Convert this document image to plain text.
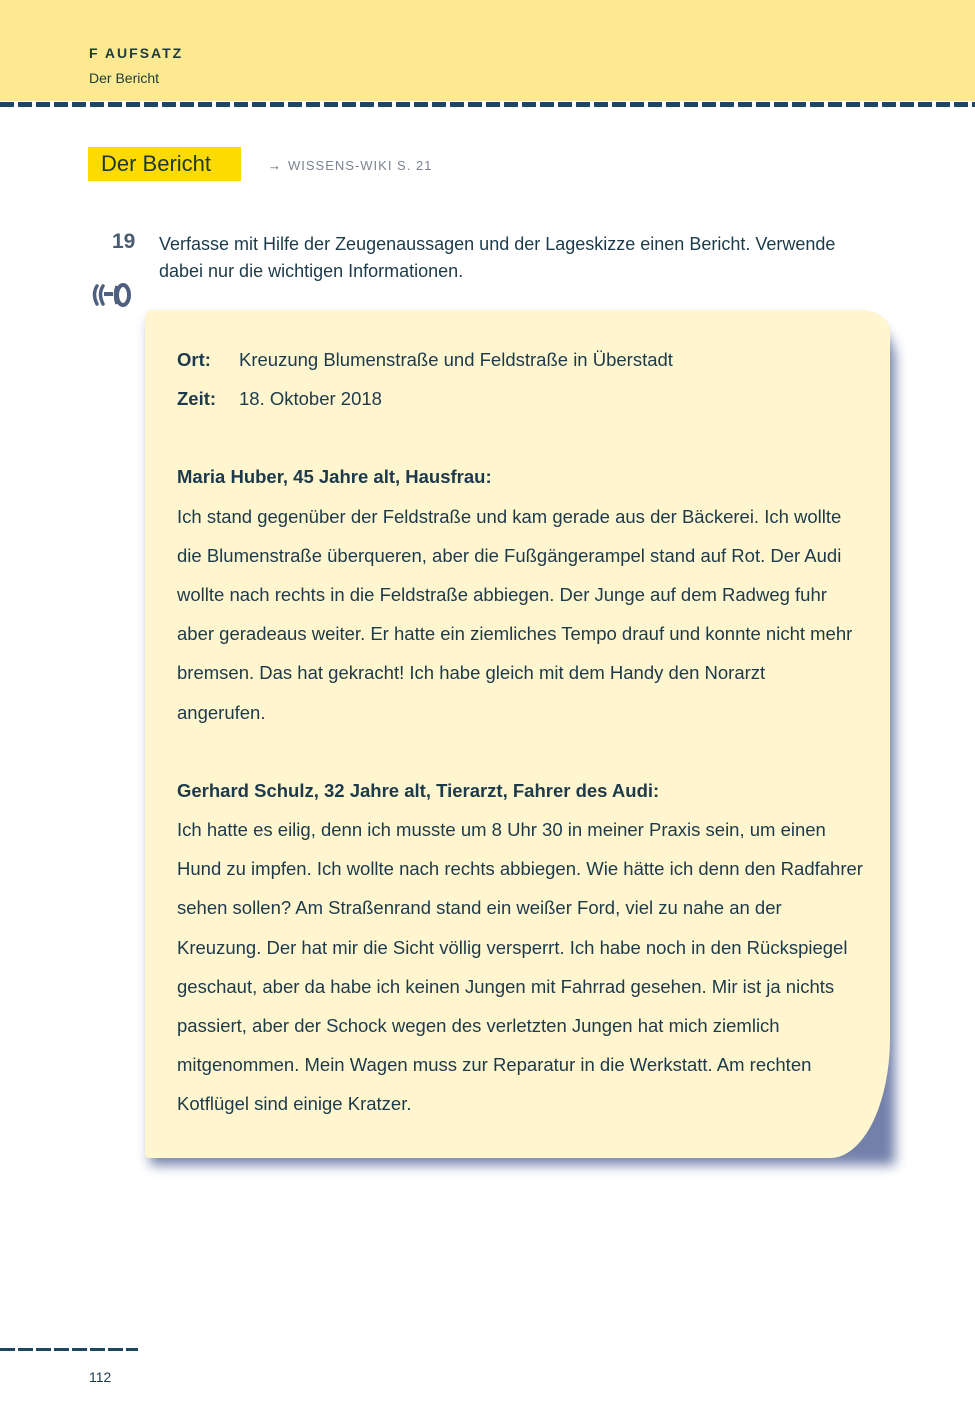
F AUFSATZ
Der Bericht
Der Bericht	→ WISSENS-WIKI S. 21
19 Verfasse mit Hilfe der Zeugenaussagen und der Lageskizze einen Bericht. Verwende dabei nur die wichtigen Informationen.
Ort:	Kreuzung Blumenstraße und Feldstraße in Überstadt
Zeit:	18. Oktober 2018
Maria Huber, 45 Jahre alt, Hausfrau:
Ich stand gegenüber der Feldstraße und kam gerade aus der Bäckerei. Ich wollte die Blumenstraße überqueren, aber die Fußgängerampel stand auf Rot. Der Audi wollte nach rechts in die Feldstraße abbiegen. Der Junge auf dem Radweg fuhr aber geradeaus weiter. Er hatte ein ziemliches Tempo drauf und konnte nicht mehr bremsen. Das hat gekracht! Ich habe gleich mit dem Handy den Norarzt angerufen.
Gerhard Schulz, 32 Jahre alt, Tierarzt, Fahrer des Audi:
Ich hatte es eilig, denn ich musste um 8 Uhr 30 in meiner Praxis sein, um einen Hund zu impfen. Ich wollte nach rechts abbiegen. Wie hätte ich denn den Radfahrer sehen sollen? Am Straßenrand stand ein weißer Ford, viel zu nahe an der Kreuzung. Der hat mir die Sicht völlig versperrt. Ich habe noch in den Rückspiegel geschaut, aber da habe ich keinen Jungen mit Fahrrad gesehen. Mir ist ja nichts passiert, aber der Schock wegen des verletzten Jungen hat mich ziemlich mitgenommen. Mein Wagen muss zur Reparatur in die Werkstatt. Am rechten Kotflügel sind einige Kratzer.
112
